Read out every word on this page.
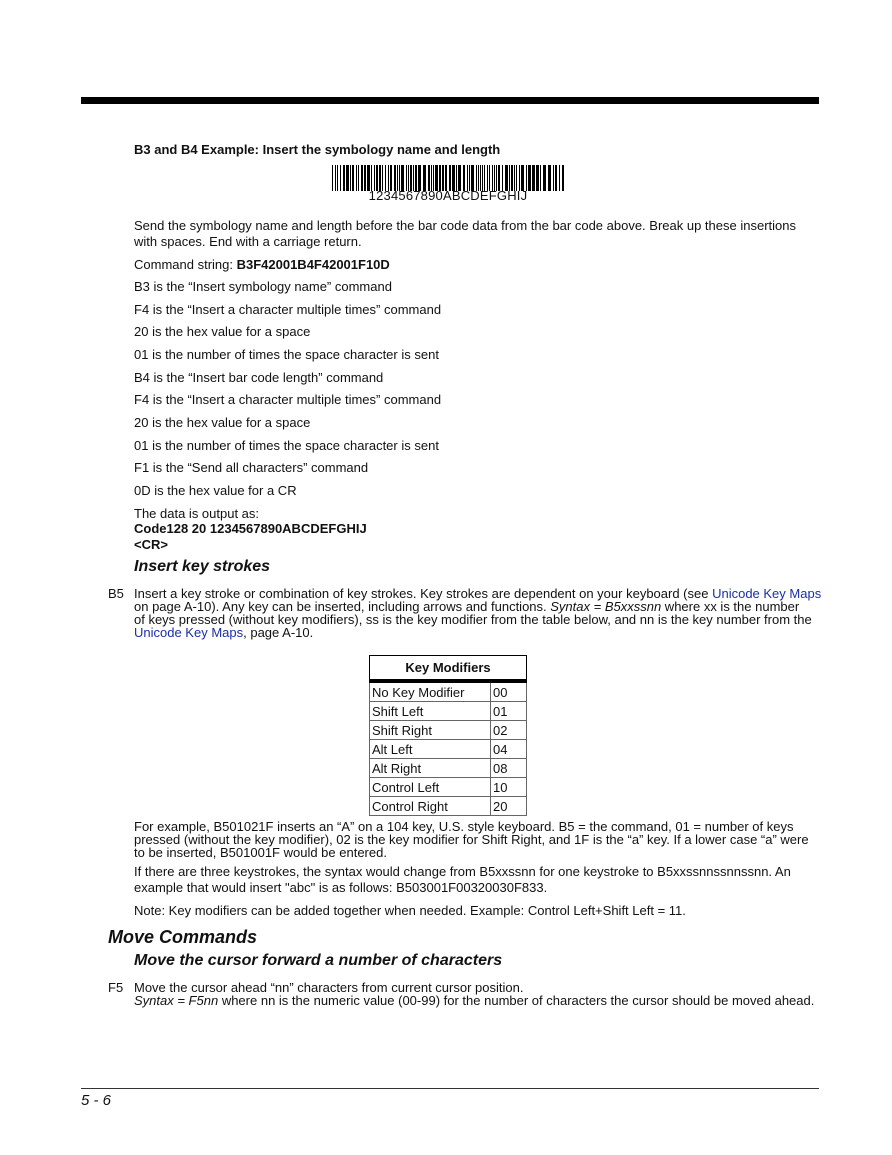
B3 and B4 Example: Insert the symbology name and length
1234567890ABCDEFGHIJ
Send the symbology name and length before the bar code data from the bar code above. Break up these insertions
with spaces. End with a carriage return.
Command string: B3F42001B4F42001F10D
B3 is the “Insert symbology name” command
F4 is the “Insert a character multiple times” command
20 is the hex value for a space
01 is the number of times the space character is sent
B4 is the “Insert bar code length” command
F4 is the “Insert a character multiple times” command
20 is the hex value for a space
01 is the number of times the space character is sent
F1 is the “Send all characters” command
0D is the hex value for a CR
The data is output as:
Code128 20 1234567890ABCDEFGHIJ
<CR>
Insert key strokes
B5 Insert a key stroke or combination of key strokes. Key strokes are dependent on your keyboard (see Unicode Key Maps
on page A-10). Any key can be inserted, including arrows and functions. Syntax = B5xxssnn where xx is the number
of keys pressed (without key modifiers), ss is the key modifier from the table below, and nn is the key number from the
Unicode Key Maps, page A-10.
Key Modifiers	
No Key Modifier	00
Shift Left	01
Shift Right	02
Alt Left	04
Alt Right	08
Control Left	10
Control Right	20
For example, B501021F inserts an “A” on a 104 key, U.S. style keyboard. B5 = the command, 01 = number of keys
pressed (without the key modifier), 02 is the key modifier for Shift Right, and 1F is the “a” key. If a lower case “a” were
to be inserted, B501001F would be entered.
If there are three keystrokes, the syntax would change from B5xxssnn for one keystroke to B5xxssnnssnnssnn. An
example that would insert "abc" is as follows: B503001F00320030F833.
Note: Key modifiers can be added together when needed. Example: Control Left+Shift Left = 11.
Move Commands
Move the cursor forward a number of characters
F5 Move the cursor ahead “nn” characters from current cursor position.
Syntax = F5nn where nn is the numeric value (00-99) for the number of characters the cursor should be moved ahead.
5 - 6
